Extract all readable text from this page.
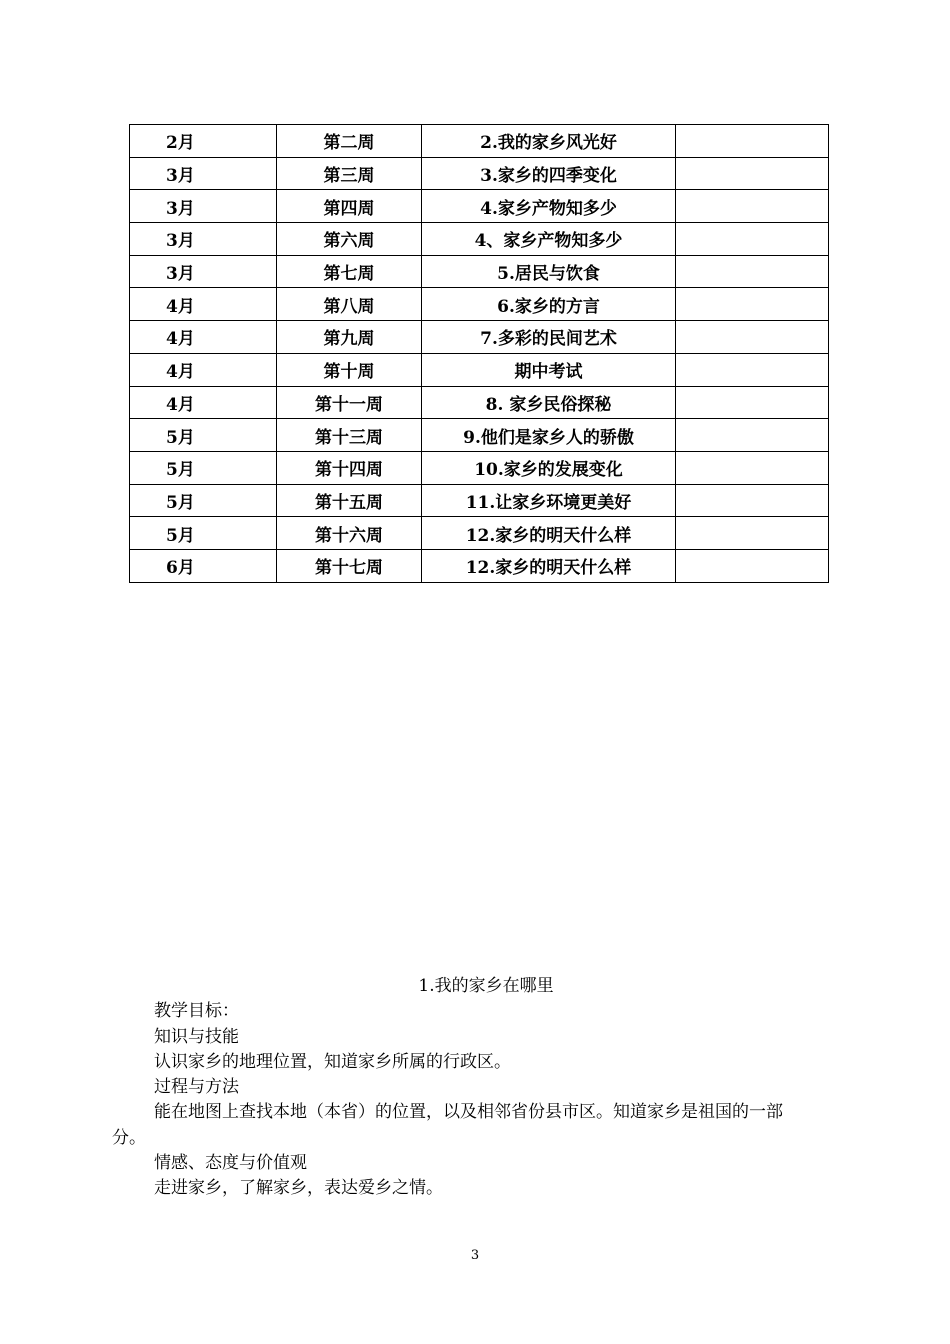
2月	第二周	2.我的家乡风光好	
3月	第三周	3.家乡的四季变化	
3月	第四周	4.家乡产物知多少	
3月	第六周	4、家乡产物知多少	
3月	第七周	5.居民与饮食	
4月	第八周	6.家乡的方言	
4月	第九周	7.多彩的民间艺术	
4月	第十周	期中考试	
4月	第十一周	8. 家乡民俗探秘	
5月	第十三周	9.他们是家乡人的骄傲	
5月	第十四周	10.家乡的发展变化	
5月	第十五周	11.让家乡环境更美好	
5月	第十六周	12.家乡的明天什么样	
6月	第十七周	12.家乡的明天什么样	

1.我的家乡在哪里

教学目标：

知识与技能

认识家乡的地理位置，知道家乡所属的行政区。

过程与方法

能在地图上查找本地（本省）的位置，以及相邻省份县市区。知道家乡是祖国的一部

分。

情感、态度与价值观

走进家乡，了解家乡，表达爱乡之情。

3
